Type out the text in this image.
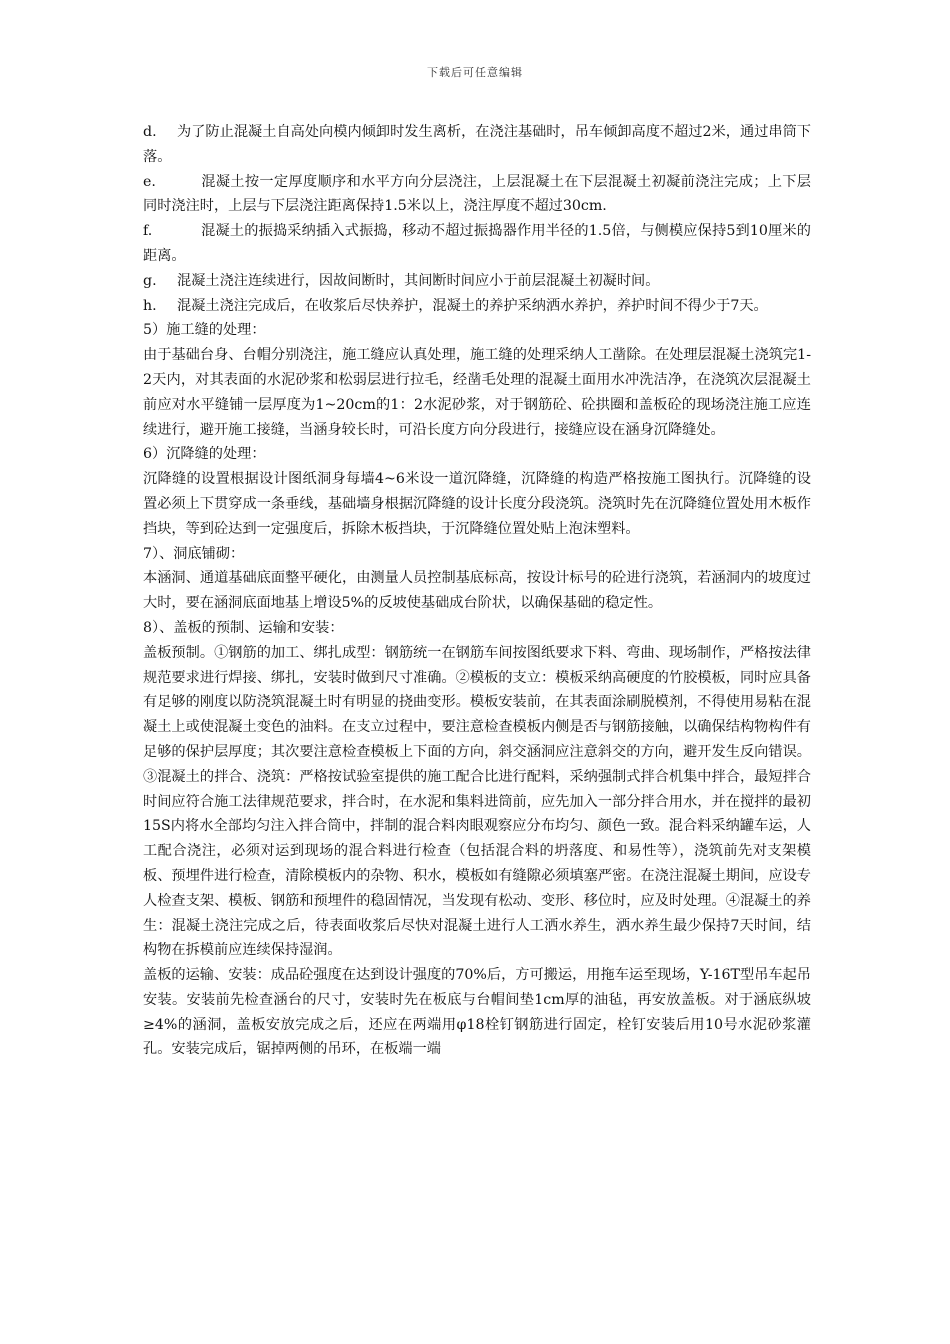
下载后可任意编辑

d. 为了防止混凝土自高处向模内倾卸时发生离析，在浇注基础时，吊车倾卸高度不超过2米，通过串筒下落。

e.	混凝土按一定厚度顺序和水平方向分层浇注，上层混凝土在下层混凝土初凝前浇注完成；上下层同时浇注时，上层与下层浇注距离保持1.5米以上，浇注厚度不超过30cm.

f.	混凝土的振捣采纳插入式振捣，移动不超过振捣器作用半径的1.5倍，与侧模应保持5到10厘米的距离。

g. 混凝土浇注连续进行，因故间断时，其间断时间应小于前层混凝土初凝时间。

h. 混凝土浇注完成后，在收浆后尽快养护，混凝土的养护采纳洒水养护，养护时间不得少于7天。

5）施工缝的处理：

由于基础台身、台帽分别浇注，施工缝应认真处理，施工缝的处理采纳人工凿除。在处理层混凝土浇筑完1-2天内，对其表面的水泥砂浆和松弱层进行拉毛，经凿毛处理的混凝土面用水冲洗洁净，在浇筑次层混凝土前应对水平缝铺一层厚度为1~20cm的1：2水泥砂浆，对于钢筋砼、砼拱圈和盖板砼的现场浇注施工应连续进行，避开施工接缝，当涵身较长时，可沿长度方向分段进行，接缝应设在涵身沉降缝处。

6）沉降缝的处理：

沉降缝的设置根据设计图纸洞身每墙4~6米设一道沉降缝，沉降缝的构造严格按施工图执行。沉降缝的设置必须上下贯穿成一条垂线，基础墙身根据沉降缝的设计长度分段浇筑。浇筑时先在沉降缝位置处用木板作挡块，等到砼达到一定强度后，拆除木板挡块，于沉降缝位置处贴上泡沫塑料。

7）、洞底铺砌：

本涵洞、通道基础底面整平硬化，由测量人员控制基底标高，按设计标号的砼进行浇筑，若涵洞内的坡度过大时，要在涵洞底面地基上增设5%的反坡使基础成台阶状，以确保基础的稳定性。

8）、盖板的预制、运输和安装：

盖板预制。①钢筋的加工、绑扎成型：钢筋统一在钢筋车间按图纸要求下料、弯曲、现场制作，严格按法律规范要求进行焊接、绑扎，安装时做到尺寸准确。②模板的支立：模板采纳高硬度的竹胶模板，同时应具备有足够的刚度以防浇筑混凝土时有明显的挠曲变形。模板安装前，在其表面涂刷脱模剂，不得使用易粘在混凝土上或使混凝土变色的油料。在支立过程中，要注意检查模板内侧是否与钢筋接触，以确保结构物构件有足够的保护层厚度；其次要注意检查模板上下面的方向，斜交涵洞应注意斜交的方向，避开发生反向错误。③混凝土的拌合、浇筑：严格按试验室提供的施工配合比进行配料，采纳强制式拌合机集中拌合，最短拌合时间应符合施工法律规范要求，拌合时，在水泥和集料进筒前，应先加入一部分拌合用水，并在搅拌的最初15S内将水全部均匀注入拌合筒中，拌制的混合料肉眼观察应分布均匀、颜色一致。混合料采纳罐车运，人工配合浇注，必须对运到现场的混合料进行检查（包括混合料的坍落度、和易性等），浇筑前先对支架模板、预埋件进行检查，清除模板内的杂物、积水，模板如有缝隙必须填塞严密。在浇注混凝土期间，应设专人检查支架、模板、钢筋和预埋件的稳固情况，当发现有松动、变形、移位时，应及时处理。④混凝土的养生：混凝土浇注完成之后，待表面收浆后尽快对混凝土进行人工洒水养生，洒水养生最少保持7天时间，结构物在拆模前应连续保持湿润。

盖板的运输、安装：成品砼强度在达到设计强度的70%后，方可搬运，用拖车运至现场，Y-16T型吊车起吊安装。安装前先检查涵台的尺寸，安装时先在板底与台帽间垫1cm厚的油毡，再安放盖板。对于涵底纵坡≥4%的涵洞，盖板安放完成之后，还应在两端用φ18栓钉钢筋进行固定，栓钉安装后用10号水泥砂浆灌孔。安装完成后，锯掉两侧的吊环，在板端一端
